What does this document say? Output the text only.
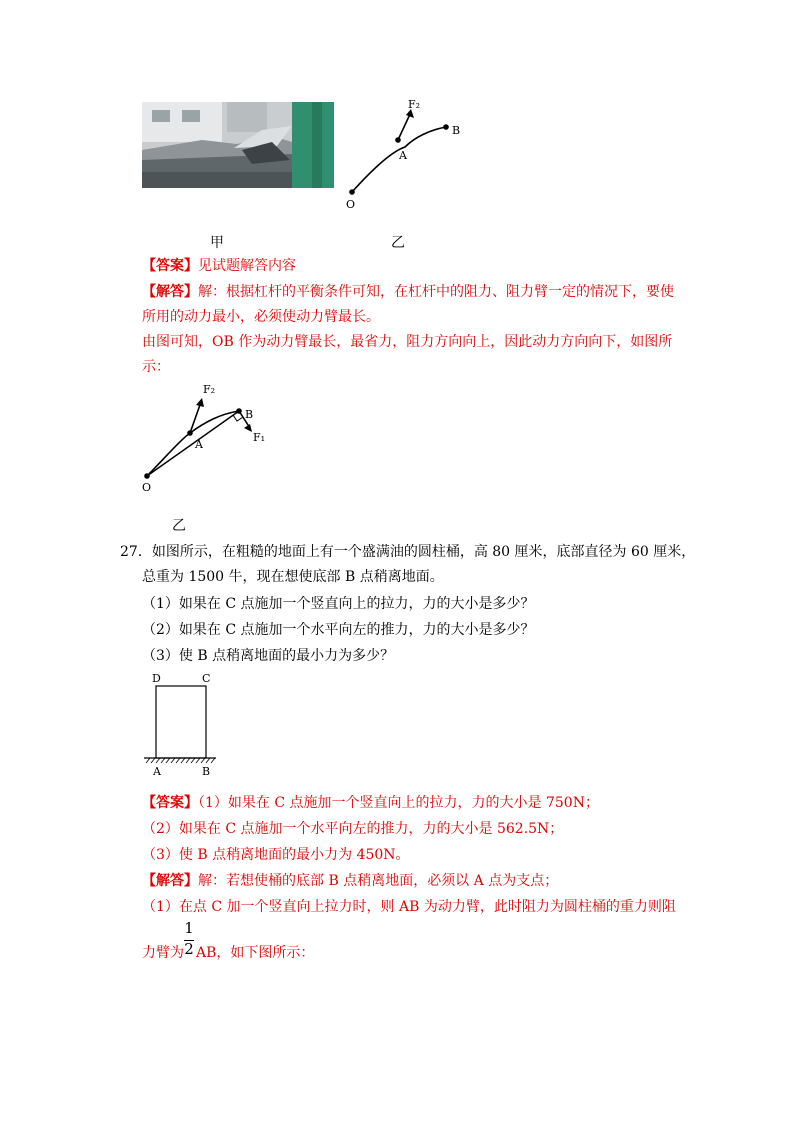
F₂
A
B
O
甲	乙
【答案】见试题解答内容
【解答】解：根据杠杆的平衡条件可知，在杠杆中的阻力、阻力臂一定的情况下，要使
所用的动力最小，必须使动力臂最长。
由图可知，OB 作为动力臂最长，最省力，阻力方向向上，因此动力方向向下，如图所
示：
F₂
A
B
F₁
O
乙
27．如图所示，在粗糙的地面上有一个盛满油的圆柱桶，高 80 厘米，底部直径为 60 厘米，
总重为 1500 牛，现在想使底部 B 点稍离地面。
（1）如果在 C 点施加一个竖直向上的拉力，力的大小是多少？
（2）如果在 C 点施加一个水平向左的推力，力的大小是多少？
（3）使 B 点稍离地面的最小力为多少？
D	C
A	B
【答案】（1）如果在 C 点施加一个竖直向上的拉力，力的大小是 750N；
（2）如果在 C 点施加一个水平向左的推力，力的大小是 562.5N；
（3）使 B 点稍离地面的最小力为 450N。
【解答】解：若想使桶的底部 B 点稍离地面，必须以 A 点为支点；
（1）在点 C 加一个竖直向上拉力时，则 AB 为动力臂，此时阻力为圆柱桶的重力则阻
力臂为
1
2 AB，如下图所示：
